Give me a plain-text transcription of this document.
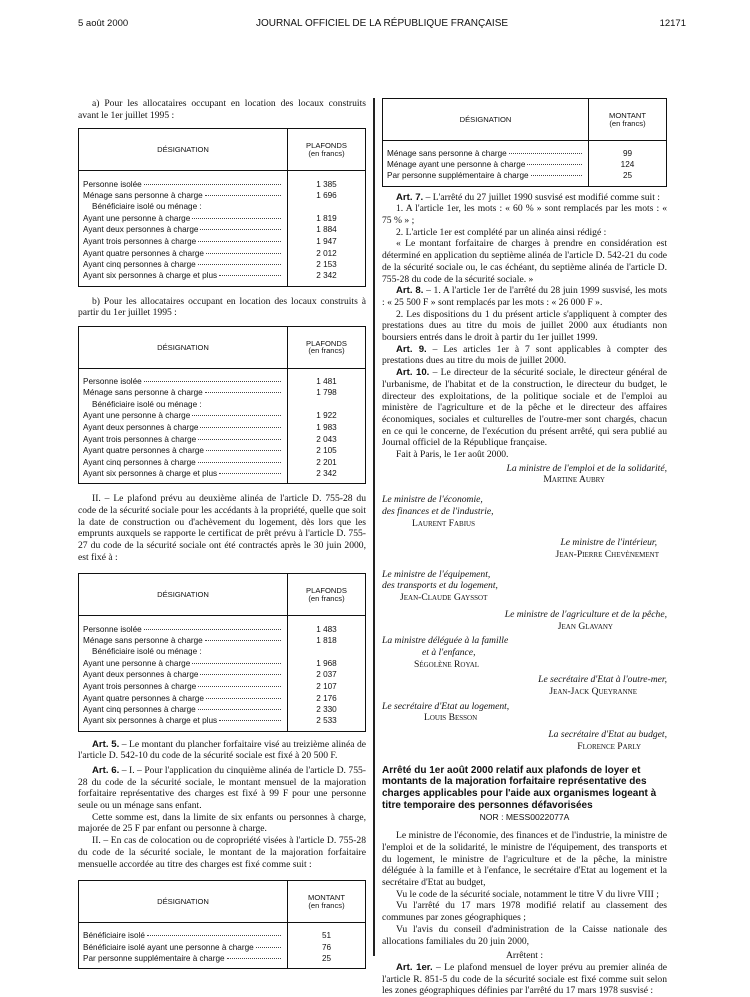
5 août 2000	JOURNAL OFFICIEL DE LA RÉPUBLIQUE FRANÇAISE	12171

a) Pour les allocataires occupant en location des locaux construits avant le 1er juillet 1995 :

DÉSIGNATION	PLAFONDS
(en francs)

Personne isolée	1 385
Ménage sans personne à charge	1 696
Bénéficiaire isolé ou ménage :	
Ayant une personne à charge	1 819
Ayant deux personnes à charge	1 884
Ayant trois personnes à charge	1 947
Ayant quatre personnes à charge	2 012
Ayant cinq personnes à charge	2 153
Ayant six personnes à charge et plus	2 342

b) Pour les allocataires occupant en location des locaux construits à partir du 1er juillet 1995 :

DÉSIGNATION	PLAFONDS
(en francs)

Personne isolée	1 481
Ménage sans personne à charge	1 798
Bénéficiaire isolé ou ménage :	
Ayant une personne à charge	1 922
Ayant deux personnes à charge	1 983
Ayant trois personnes à charge	2 043
Ayant quatre personnes à charge	2 105
Ayant cinq personnes à charge	2 201
Ayant six personnes à charge et plus	2 342

II. – Le plafond prévu au deuxième alinéa de l'article D. 755-28 du code de la sécurité sociale pour les accédants à la propriété, quelle que soit la date de construction ou d'achèvement du logement, dès lors que les emprunts auxquels se rapporte le certificat de prêt prévu à l'article D. 755-27 du code de la sécurité sociale ont été contractés après le 30 juin 2000, est fixé à :

DÉSIGNATION	PLAFONDS
(en francs)

Personne isolée	1 483
Ménage sans personne à charge	1 818
Bénéficiaire isolé ou ménage :	
Ayant une personne à charge	1 968
Ayant deux personnes à charge	2 037
Ayant trois personnes à charge	2 107
Ayant quatre personnes à charge	2 176
Ayant cinq personnes à charge	2 330
Ayant six personnes à charge et plus	2 533

Art. 5. – Le montant du plancher forfaitaire visé au treizième alinéa de l'article D. 542-10 du code de la sécurité sociale est fixé à 20 500 F.

Art. 6. – I. – Pour l'application du cinquième alinéa de l'article D. 755-28 du code de la sécurité sociale, le montant mensuel de la majoration forfaitaire représentative des charges est fixé à 99 F pour une personne seule ou un ménage sans enfant.

Cette somme est, dans la limite de six enfants ou personnes à charge, majorée de 25 F par enfant ou personne à charge.

II. – En cas de colocation ou de copropriété visées à l'article D. 755-28 du code de la sécurité sociale, le montant de la majoration forfaitaire mensuelle accordée au titre des charges est fixé comme suit :

DÉSIGNATION	MONTANT
(en francs)

Bénéficiaire isolé	51
Bénéficiaire isolé ayant une personne à charge	76
Par personne supplémentaire à charge	25
DÉSIGNATION	MONTANT
(en francs)

Ménage sans personne à charge	99
Ménage ayant une personne à charge	124
Par personne supplémentaire à charge	25

Art. 7. – L'arrêté du 27 juillet 1990 susvisé est modifié comme suit :

1. A l'article 1er, les mots : « 60 % » sont remplacés par les mots : « 75 % » ;

2. L'article 1er est complété par un alinéa ainsi rédigé :

« Le montant forfaitaire de charges à prendre en considération est déterminé en application du septième alinéa de l'article D. 542-21 du code de la sécurité sociale ou, le cas échéant, du septième alinéa de l'article D. 755-28 du code de la sécurité sociale. »

Art. 8. – 1. A l'article 1er de l'arrêté du 28 juin 1999 susvisé, les mots : « 25 500 F » sont remplacés par les mots : « 26 000 F ».

2. Les dispositions du 1 du présent article s'appliquent à compter des prestations dues au titre du mois de juillet 2000 aux étudiants non boursiers entrés dans le droit à partir du 1er juillet 1999.

Art. 9. – Les articles 1er à 7 sont applicables à compter des prestations dues au titre du mois de juillet 2000.

Art. 10. – Le directeur de la sécurité sociale, le directeur général de l'urbanisme, de l'habitat et de la construction, le directeur du budget, le directeur des exploitations, de la politique sociale et de l'emploi au ministère de l'agriculture et de la pêche et le directeur des affaires économiques, sociales et culturelles de l'outre-mer sont chargés, chacun en ce qui le concerne, de l'exécution du présent arrêté, qui sera publié au Journal officiel de la République française.

Fait à Paris, le 1er août 2000.

La ministre de l'emploi et de la solidarité,
Martine Aubry
Le ministre de l'économie,
des finances et de l'industrie,
Laurent Fabius
Le ministre de l'intérieur,
Jean-Pierre Chevènement
Le ministre de l'équipement,
des transports et du logement,
Jean-Claude Gayssot
Le ministre de l'agriculture et de la pêche,
Jean Glavany
La ministre déléguée à la famille
et à l'enfance,
Ségolène Royal
Le secrétaire d'Etat à l'outre-mer,
Jean-Jack Queyranne
Le secrétaire d'Etat au logement,
Louis Besson
La secrétaire d'Etat au budget,
Florence Parly
Arrêté du 1er août 2000 relatif aux plafonds de loyer et montants de la majoration forfaitaire représentative des charges applicables pour l'aide aux organismes logeant à titre temporaire des personnes défavorisées
NOR : MESS0022077A

Le ministre de l'économie, des finances et de l'industrie, la ministre de l'emploi et de la solidarité, le ministre de l'équipement, des transports et du logement, le ministre de l'agriculture et de la pêche, la ministre déléguée à la famille et à l'enfance, le secrétaire d'Etat au logement et la secrétaire d'Etat au budget,

Vu le code de la sécurité sociale, notamment le titre V du livre VIII ;

Vu l'arrêté du 17 mars 1978 modifié relatif au classement des communes par zones géographiques ;

Vu l'avis du conseil d'administration de la Caisse nationale des allocations familiales du 20 juin 2000,

Arrêtent :

Art. 1er. – Le plafond mensuel de loyer prévu au premier alinéa de l'article R. 851-5 du code de la sécurité sociale est fixé comme suit selon les zones géographiques définies par l'arrêté du 17 mars 1978 susvisé :
